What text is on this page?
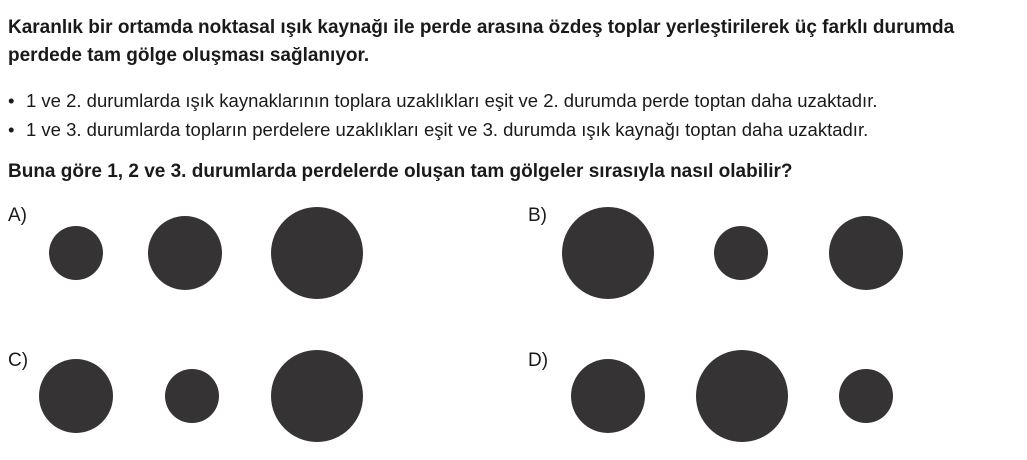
Karanlık bir ortamda noktasal ışık kaynağı ile perde arasına özdeş toplar yerleştirilerek üç farklı durumda perdede tam gölge oluşması sağlanıyor.

• 1 ve 2. durumlarda ışık kaynaklarının toplara uzaklıkları eşit ve 2. durumda perde toptan daha uzaktadır.
• 1 ve 3. durumlarda topların perdelere uzaklıkları eşit ve 3. durumda ışık kaynağı toptan daha uzaktadır.

Buna göre 1, 2 ve 3. durumlarda perdelerde oluşan tam gölgeler sırasıyla nasıl olabilir?

A)	B)
C)	D)
